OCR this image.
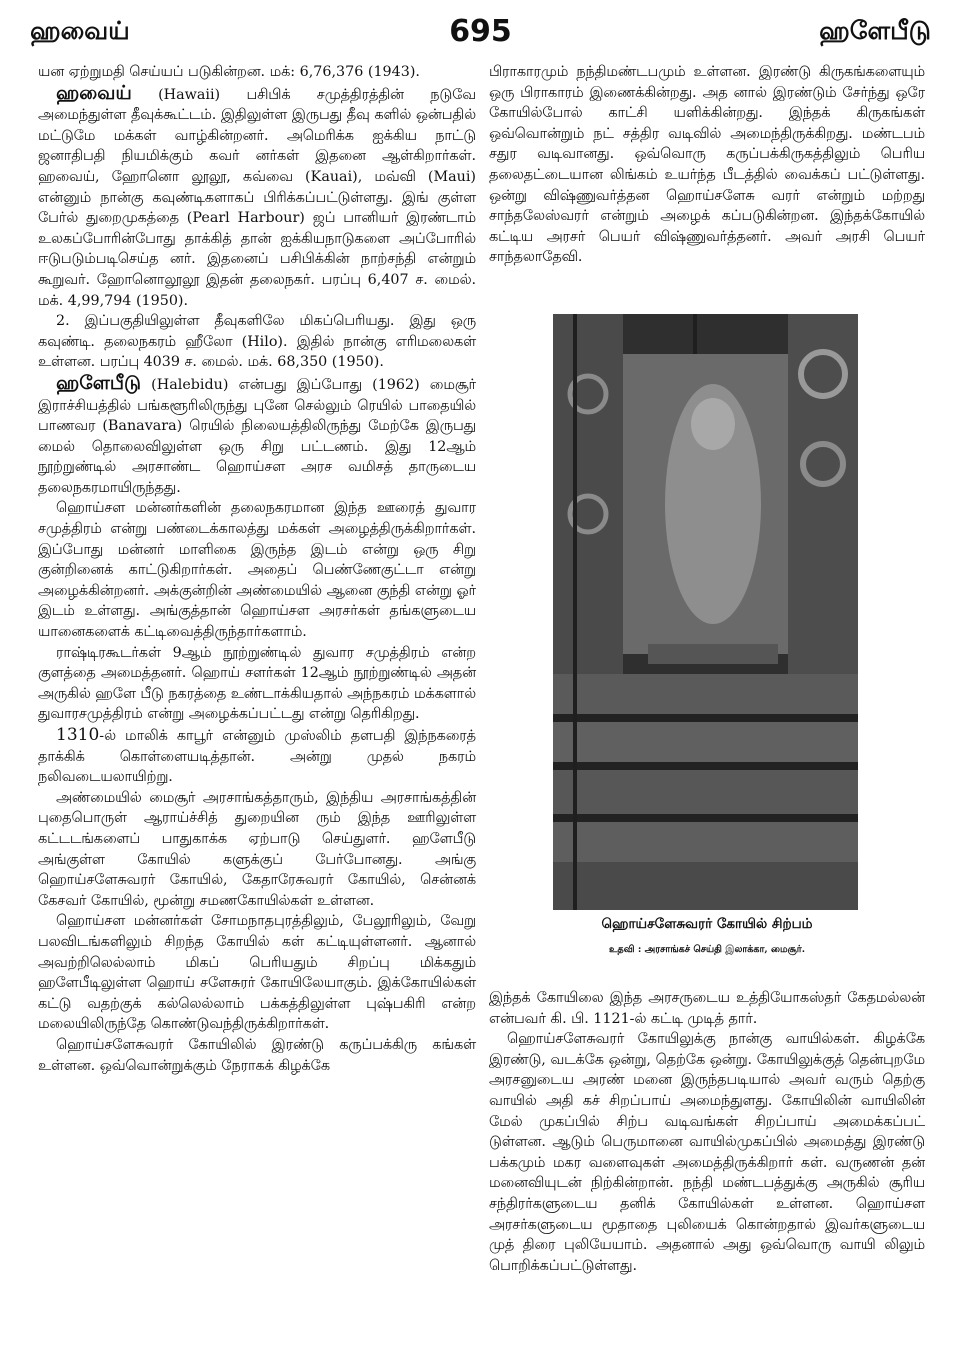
ஹவைய்	695	ஹளேபீடு

யன ஏற்றுமதி செய்யப் படுகின்றன. மக்: 6,76,376 (1943).

ஹவைய் (Hawaii) பசிபிக் சமுத்திரத்தின் நடுவே அமைந்துள்ள தீவுக்கூட்டம். இதிலுள்ள இருபது தீவு களில் ஒன்பதில் மட்டுமே மக்கள் வாழ்கின்றனர். அமெரிக்க ஐக்கிய நாட்டு ஜனாதிபதி நியமிக்கும் கவர் னர்கள் இதனை ஆள்கிறார்கள். ஹவைய், ஹோனொ லூலூ, கவ்வை (Kauai), மவ்வி (Maui) என்னும் நான்கு கவுண்டிகளாகப் பிரிக்கப்பட்டுள்ளது. இங் குள்ள பேர்ல் துறைமுகத்தை (Pearl Harbour) ஜப் பானியர் இரண்டாம் உலகப்போரின்போது தாக்கித் தான் ஐக்கியநாடுகளை அப்போரில் ஈடுபடும்படிசெய்த னர். இதனைப் பசிபிக்கின் நாற்சந்தி என்றும் கூறுவர். ஹோனொலூலூ இதன் தலைநகர். பரப்பு 6,407 ச. மைல். மக். 4,99,794 (1950).

2. இப்பகுதியிலுள்ள தீவுகளிலே மிகப்பெரியது. இது ஒரு கவுண்டி. தலைநகரம் ஹீலோ (Hilo). இதில் நான்கு எரிமலைகள் உள்ளன. பரப்பு 4039 ச. மைல். மக். 68,350 (1950).

ஹளேபீடு (Halebidu) என்பது இப்போது (1962) மைசூர் இராச்சியத்தில் பங்களூரிலிருந்து புனே செல்லும் ரெயில் பாதையில் பாணவர (Banavara) ரெயில் நிலையத்திலிருந்து மேற்கே இருபது மைல் தொலைவிலுள்ள ஒரு சிறு பட்டணம். இது 12ஆம் நூற்றுண்டில் அரசாண்ட ஹொய்சள அரச வமிசத் தாருடைய தலைநகரமாயிருந்தது.

ஹொய்சள மன்னர்களின் தலைநகரமான இந்த ஊரைத் துவார சமுத்திரம் என்று பண்டைக்காலத்து மக்கள் அழைத்திருக்கிறார்கள். இப்போது மன்னர் மாளிகை இருந்த இடம் என்று ஒரு சிறு குன்றினைக் காட்டுகிறார்கள். அதைப் பெண்ணேகுட்டா என்று அழைக்கின்றனர். அக்குன்றின் அண்மையில் ஆனை குந்தி என்று ஓர் இடம் உள்ளது. அங்குத்தான் ஹொய்சள அரசர்கள் தங்களுடைய யானைகளைக் கட்டிவைத்திருந்தார்களாம்.

ராஷ்டிரகூடர்கள் 9ஆம் நூற்றுண்டில் துவார சமுத்திரம் என்ற குளத்தை அமைத்தனர். ஹொய் சளர்கள் 12ஆம் நூற்றுண்டில் அதன் அருகில் ஹளே பீடு நகரத்தை உண்டாக்கியதால் அந்நகரம் மக்களால் துவாரசமுத்திரம் என்று அழைக்கப்பட்டது என்று தெரிகிறது.

1310-ல் மாலிக் காபூர் என்னும் முஸ்லிம் தளபதி இந்நகரைத் தாக்கிக் கொள்ளையடித்தான். அன்று முதல் நகரம் நலிவடையலாயிற்று.

அண்மையில் மைசூர் அரசாங்கத்தாரும், இந்திய அரசாங்கத்தின் புதைபொருள் ஆராய்ச்சித் துறையின ரும் இந்த ஊரிலுள்ள கட்டடங்களைப் பாதுகாக்க ஏற்பாடு செய்துளர். ஹளேபீடு அங்குள்ள கோயில் களுக்குப் பேர்போனது. அங்கு ஹொய்சளேசுவரர் கோயில், கேதாரேசுவரர் கோயில், சென்னக் கேசவர் கோயில், மூன்று சமணகோயில்கள் உள்ளன.

ஹொய்சள மன்னர்கள் சோமநாதபுரத்திலும், பேலூரிலும், வேறு பலவிடங்களிலும் சிறந்த கோயில் கள் கட்டியுள்ளனர். ஆனால் அவற்றிலெல்லாம் மிகப் பெரியதும் சிறப்பு மிக்கதும் ஹளேபீடிலுள்ள ஹொய் சளேசுரர் கோயிலேயாகும். இக்கோயில்கள் கட்டு வதற்குக் கல்லெல்லாம் பக்கத்திலுள்ள புஷ்பகிரி என்ற மலையிலிருந்தே கொண்டுவந்திருக்கிறார்கள்.

ஹொய்சளேசுவரர் கோயிலில் இரண்டு கருப்பக்கிரு கங்கள் உள்ளன. ஒவ்வொன்றுக்கும் நேராகக் கிழக்கே

பிராகாரமும் நந்திமண்டபமும் உள்ளன. இரண்டு கிருகங்களையும் ஒரு பிராகாரம் இணைக்கின்றது. அத னால் இரண்டும் சேர்ந்து ஒரே கோயில்போல் காட்சி யளிக்கின்றது. இந்தக் கிருகங்கள் ஒவ்வொன்றும் நட் சத்திர வடிவில் அமைந்திருக்கிறது. மண்டபம் சதுர வடிவானது. ஒவ்வொரு கருப்பக்கிருகத்திலும் பெரிய தலைதட்டையான லிங்கம் உயர்ந்த பீடத்தில் வைக்கப் பட்டுள்ளது. ஒன்று விஷ்ணுவர்த்தன ஹொய்சளேசு வரர் என்றும் மற்றது சாந்தலேஸ்வரர் என்றும் அழைக் கப்படுகின்றன. இந்தக்கோயில் கட்டிய அரசர் பெயர் விஷ்ணுவர்த்தனர். அவர் அரசி பெயர் சாந்தலாதேவி.

ஹொய்சளேசுவரர் கோயில் சிற்பம்
உதவி : அரசாங்கச் செய்தி இலாக்கா, மைசூர்.

இந்தக் கோயிலை இந்த அரசருடைய உத்தியோகஸ்தர் கேதமல்லன் என்பவர் கி. பி. 1121-ல் கட்டி முடித் தார்.

ஹொய்சளேசுவரர் கோயிலுக்கு நான்கு வாயில்கள். கிழக்கே இரண்டு, வடக்கே ஒன்று, தெற்கே ஒன்று. கோயிலுக்குத் தென்புறமே அரசனுடைய அரண் மனை இருந்தபடியால் அவர் வரும் தெற்கு வாயில் அதி கச் சிறப்பாய் அமைந்துளது. கோயிலின் வாயிலின் மேல் முகப்பில் சிற்ப வடிவங்கள் சிறப்பாய் அமைக்கப்பட் டுள்ளன. ஆடும் பெருமானை வாயில்முகப்பில் அமைத்து இரண்டு பக்கமும் மகர வளைவுகள் அமைத்திருக்கிறார் கள். வருணன் தன் மனைவியுடன் நிற்கின்றான். நந்தி மண்டபத்துக்கு அருகில் சூரிய சந்திரர்களுடைய தனிக் கோயில்கள் உள்ளன. ஹொய்சள அரசர்களுடைய மூதாதை புலியைக் கொன்றதால் இவர்களுடைய முத் திரை புலியேயாம். அதனால் அது ஒவ்வொரு வாயி லிலும் பொறிக்கப்பட்டுள்ளது.
